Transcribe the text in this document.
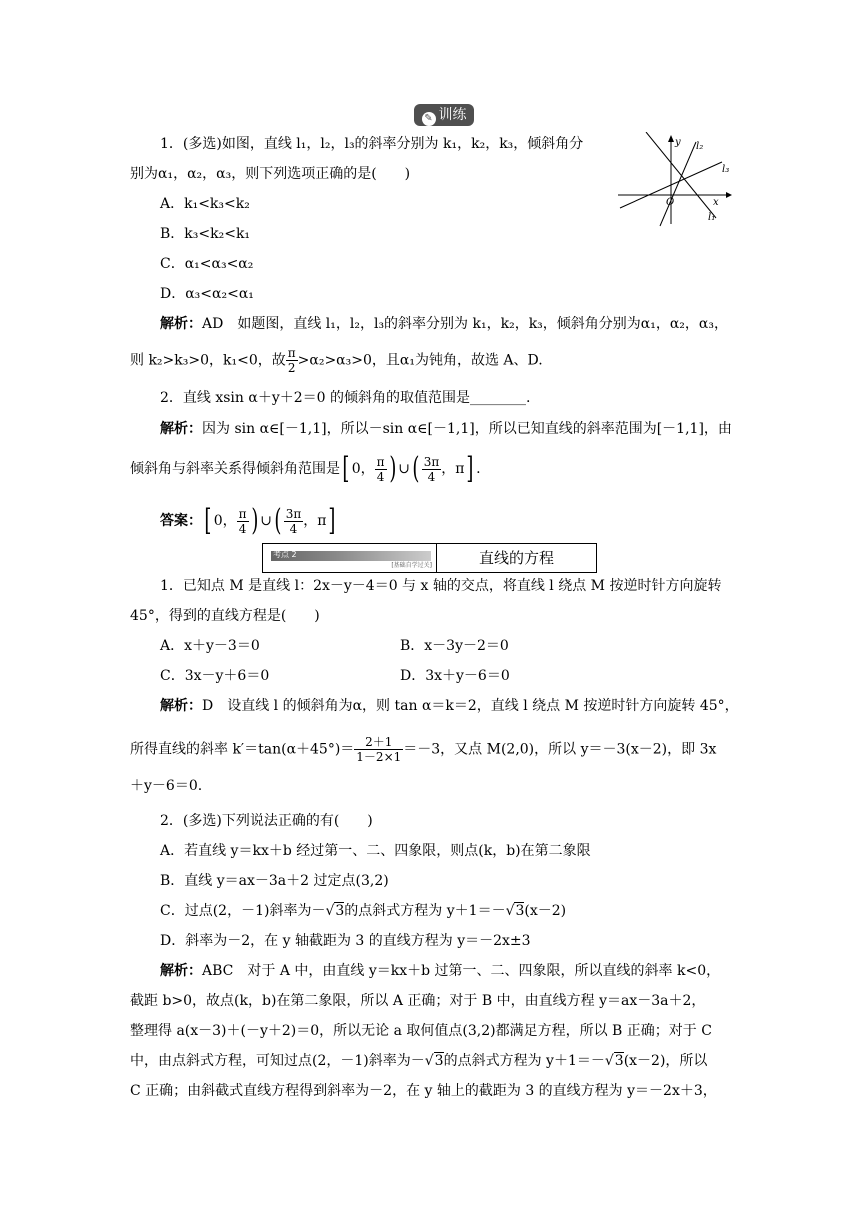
✎ 训练
y l₂
l₃
O	x
l₁
1．(多选)如图，直线 l₁，l₂，l₃的斜率分别为 k₁，k₂，k₃，倾斜角分
别为α₁，α₂，α₃，则下列选项正确的是(　　)
A．k₁<k₃<k₂
B．k₃<k₂<k₁
C．α₁<α₃<α₂
D．α₃<α₂<α₁
解析：AD　如题图，直线 l₁，l₂，l₃的斜率分别为 k₁，k₂，k₃，倾斜角分别为α₁，α₂，α₃，
则 k₂>k₃>0，k₁<0，故 $\frac{\pi}{2} >\alpha_2>\alpha_3>0$，且α₁为钝角，故选 A、D.
2．直线 xsin α＋y＋2＝0 的倾斜角的取值范围是________.
解析：因为 sin α∈[－1,1]，所以－sin α∈[－1,1]，所以已知直线的斜率范围为[－1,1]，由
倾斜角与斜率关系得倾斜角范围是[ 0， $\frac{\pi}{4}$ ) ∪( $\frac{3\pi}{4}$ ，π] .
答案：[ 0， $\frac{\pi}{4}$ ) ∪( $\frac{3\pi}{4}$ ，π]
考点 2
[基础自学过关]	直线的方程
1．已知点 M 是直线 l：2x－y－4＝0 与 x 轴的交点，将直线 l 绕点 M 按逆时针方向旋转
45°，得到的直线方程是(　　)
A．x＋y－3＝0	B．x－3y－2＝0
C．3x－y＋6＝0	D．3x＋y－6＝0
解析：D　设直线 l 的倾斜角为α，则 tan α＝k＝2，直线 l 绕点 M 按逆时针方向旋转 45°，
所得直线的斜率 $k'=\tan(\alpha+45^\circ)= \frac{2+1}{1-2\times 1} =-3$，又点 M(2,0)，所以 y＝－3(x－2)，即 3x
＋y－6＝0.
2．(多选)下列说法正确的有(　　)
A．若直线 y＝kx＋b 经过第一、二、四象限，则点(k，b)在第二象限
B．直线 y＝ax－3a＋2 过定点(3,2)
C．过点(2，－1)斜率为－√3的点斜式方程为 y＋1＝－√3(x－2)
D．斜率为－2，在 y 轴截距为 3 的直线方程为 y＝－2x±3
解析：ABC　对于 A 中，由直线 y＝kx＋b 过第一、二、四象限，所以直线的斜率 k<0，
截距 b>0，故点(k，b)在第二象限，所以 A 正确；对于 B 中，由直线方程 y＝ax－3a＋2，
整理得 a(x－3)＋(－y＋2)＝0，所以无论 a 取何值点(3,2)都满足方程，所以 B 正确；对于 C
中，由点斜式方程，可知过点(2，－1)斜率为－√3的点斜式方程为 y＋1＝－√3(x－2)，所以
C 正确；由斜截式直线方程得到斜率为－2，在 y 轴上的截距为 3 的直线方程为 y＝－2x＋3，
